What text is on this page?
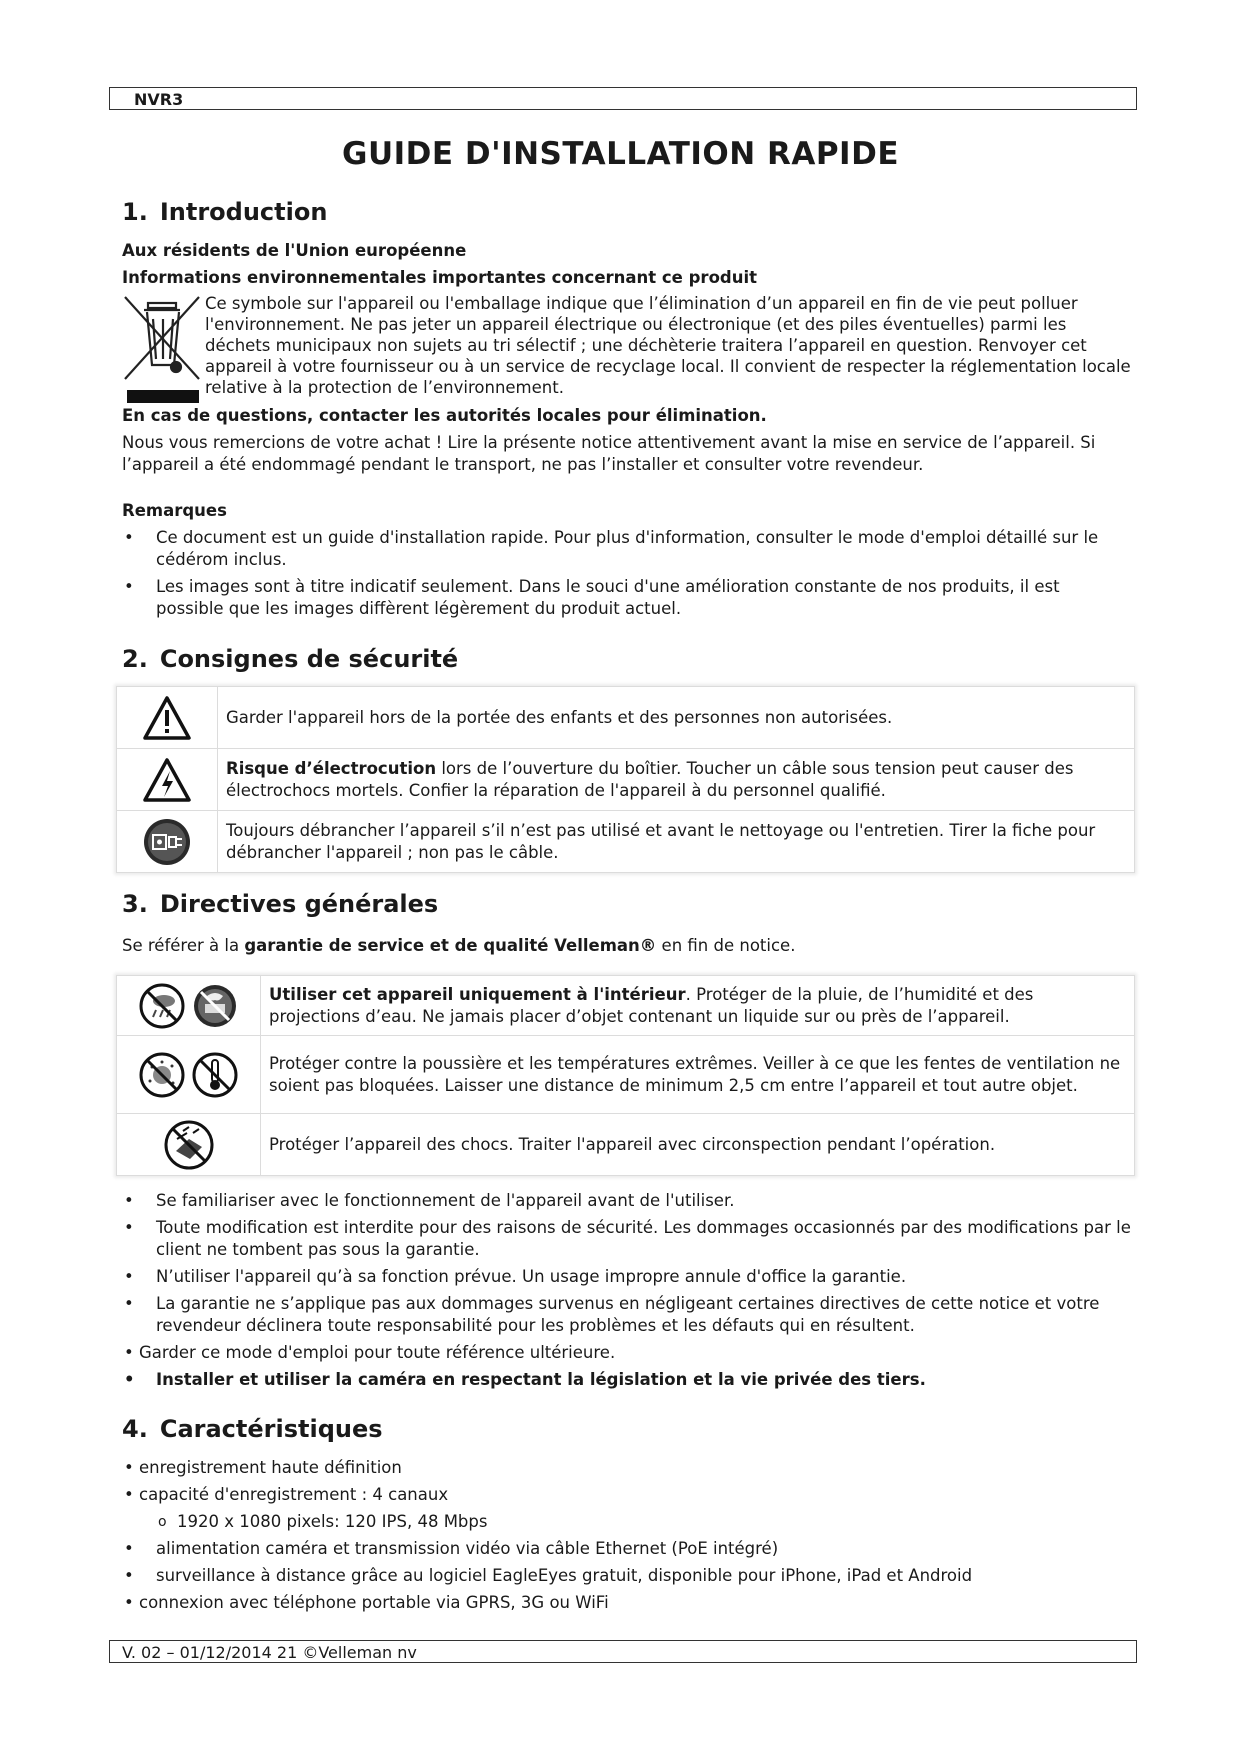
NVR3
GUIDE D'INSTALLATION RAPIDE
1. Introduction

Aux résidents de l'Union européenne

Informations environnementales importantes concernant ce produit

Ce symbole sur l'appareil ou l'emballage indique que l’élimination d’un appareil en fin de vie peut polluer l'environnement. Ne pas jeter un appareil électrique ou électronique (et des piles éventuelles) parmi les déchets municipaux non sujets au tri sélectif ; une déchèterie traitera l’appareil en question. Renvoyer cet appareil à votre fournisseur ou à un service de recyclage local. Il convient de respecter la réglementation locale relative à la protection de l’environnement.

En cas de questions, contacter les autorités locales pour élimination.

Nous vous remercions de votre achat ! Lire la présente notice attentivement avant la mise en service de l’appareil. Si l’appareil a été endommagé pendant le transport, ne pas l’installer et consulter votre revendeur.

Remarques

• Ce document est un guide d'installation rapide. Pour plus d'information, consulter le mode d'emploi détaillé sur le cédérom inclus.
• Les images sont à titre indicatif seulement. Dans le souci d'une amélioration constante de nos produits, il est possible que les images diffèrent légèrement du produit actuel.
2. Consignes de sécurité
	Garder l'appareil hors de la portée des enfants et des personnes non autorisées.
	Risque d’électrocution lors de l’ouverture du boîtier. Toucher un câble sous tension peut causer des électrochocs mortels. Confier la réparation de l'appareil à du personnel qualifié.
	Toujours débrancher l’appareil s’il n’est pas utilisé et avant le nettoyage ou l'entretien. Tirer la fiche pour débrancher l'appareil ; non pas le câble.
3. Directives générales

Se référer à la garantie de service et de qualité Velleman® en fin de notice.

	Utiliser cet appareil uniquement à l'intérieur. Protéger de la pluie, de l’humidité et des projections d’eau. Ne jamais placer d’objet contenant un liquide sur ou près de l’appareil.
	Protéger contre la poussière et les températures extrêmes. Veiller à ce que les fentes de ventilation ne soient pas bloquées. Laisser une distance de minimum 2,5 cm entre l’appareil et tout autre objet.
	Protéger l’appareil des chocs. Traiter l'appareil avec circonspection pendant l’opération.
• Se familiariser avec le fonctionnement de l'appareil avant de l'utiliser.
• Toute modification est interdite pour des raisons de sécurité. Les dommages occasionnés par des modifications par le client ne tombent pas sous la garantie.
• N’utiliser l'appareil qu’à sa fonction prévue. Un usage impropre annule d'office la garantie.
• La garantie ne s’applique pas aux dommages survenus en négligeant certaines directives de cette notice et votre revendeur déclinera toute responsabilité pour les problèmes et les défauts qui en résultent.
• Garder ce mode d'emploi pour toute référence ultérieure.
• Installer et utiliser la caméra en respectant la législation et la vie privée des tiers.
4. Caractéristiques
• enregistrement haute définition
• capacité d'enregistrement : 4 canaux
o 1920 x 1080 pixels: 120 IPS, 48 Mbps
• alimentation caméra et transmission vidéo via câble Ethernet (PoE intégré)
• surveillance à distance grâce au logiciel EagleEyes gratuit, disponible pour iPhone, iPad et Android
• connexion avec téléphone portable via GPRS, 3G ou WiFi
V. 02 – 01/12/2014 21 ©Velleman nv
